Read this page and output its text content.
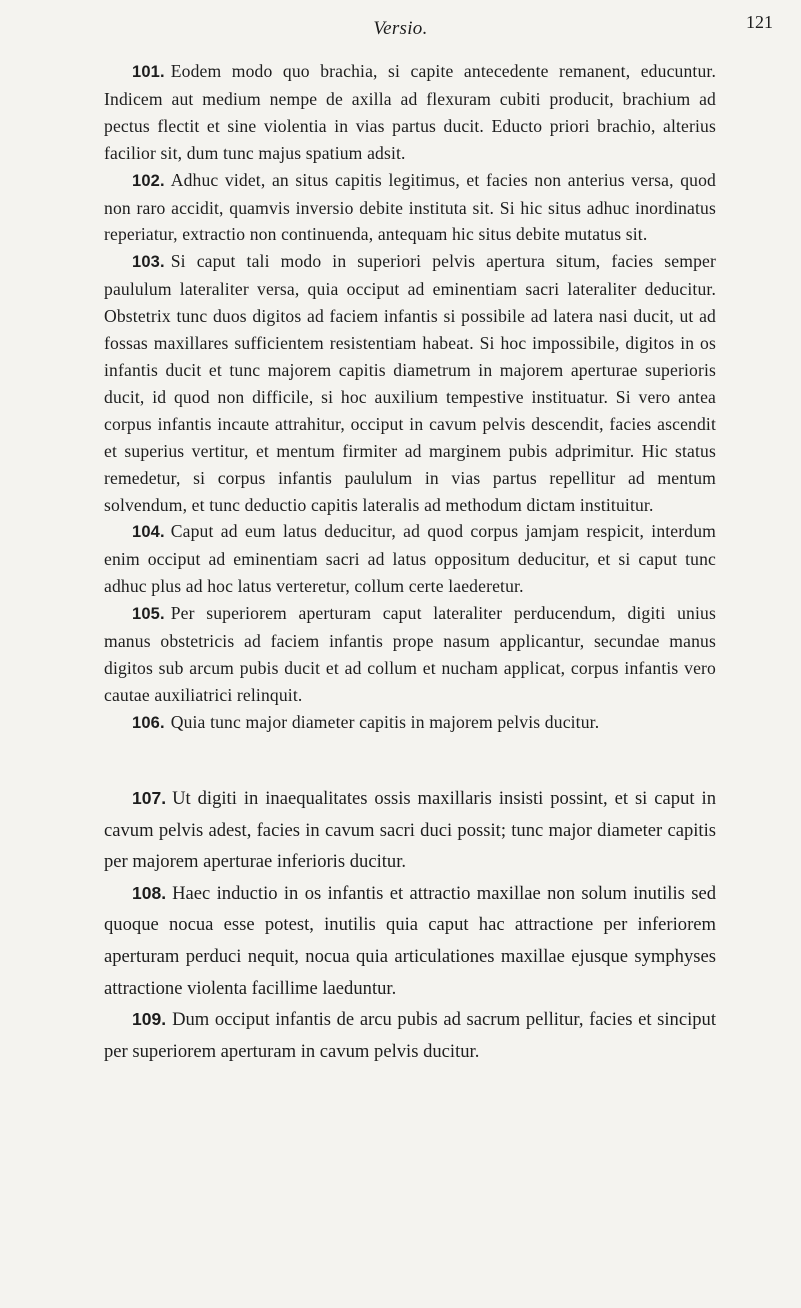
Versio.	121

101. Eodem modo quo brachia, si capite antecedente remanent, educuntur. Indicem aut medium nempe de axilla ad flexuram cubiti producit, brachium ad pectus flectit et sine violentia in vias partus ducit. Educto priori brachio, alterius facilior sit, dum tunc majus spatium adsit.

102. Adhuc videt, an situs capitis legitimus, et facies non anterius versa, quod non raro accidit, quamvis inversio debite instituta sit. Si hic situs adhuc inordinatus reperiatur, extractio non continuenda, antequam hic situs debite mutatus sit.

103. Si caput tali modo in superiori pelvis apertura situm, facies semper paululum lateraliter versa, quia occiput ad eminentiam sacri lateraliter deducitur. Obstetrix tunc duos digitos ad faciem infantis si possibile ad latera nasi ducit, ut ad fossas maxillares sufficientem resistentiam habeat. Si hoc impossibile, digitos in os infantis ducit et tunc majorem capitis diametrum in majorem aperturae superioris ducit, id quod non difficile, si hoc auxilium tempestive instituatur. Si vero antea corpus infantis incaute attrahitur, occiput in cavum pelvis descendit, facies ascendit et superius vertitur, et mentum firmiter ad marginem pubis adprimitur. Hic status remedetur, si corpus infantis paululum in vias partus repellitur ad mentum solvendum, et tunc deductio capitis lateralis ad methodum dictam instituitur.

104. Caput ad eum latus deducitur, ad quod corpus jamjam respicit, interdum enim occiput ad eminentiam sacri ad latus oppositum deducitur, et si caput tunc adhuc plus ad hoc latus verteretur, collum certe laederetur.

105. Per superiorem aperturam caput lateraliter perducendum, digiti unius manus obstetricis ad faciem infantis prope nasum applicantur, secundae manus digitos sub arcum pubis ducit et ad collum et nucham applicat, corpus infantis vero cautae auxiliatrici relinquit.

106. Quia tunc major diameter capitis in majorem pelvis ducitur.

107. Ut digiti in inaequalitates ossis maxillaris insisti possint, et si caput in cavum pelvis adest, facies in cavum sacri duci possit; tunc major diameter capitis per majorem aperturae inferioris ducitur.

108. Haec inductio in os infantis et attractio maxillae non solum inutilis sed quoque nocua esse potest, inutilis quia caput hac attractione per inferiorem aperturam perduci nequit, nocua quia articulationes maxillae ejusque symphyses attractione violenta facillime laeduntur.

109. Dum occiput infantis de arcu pubis ad sacrum pellitur, facies et sinciput per superiorem aperturam in cavum pelvis ducitur.
